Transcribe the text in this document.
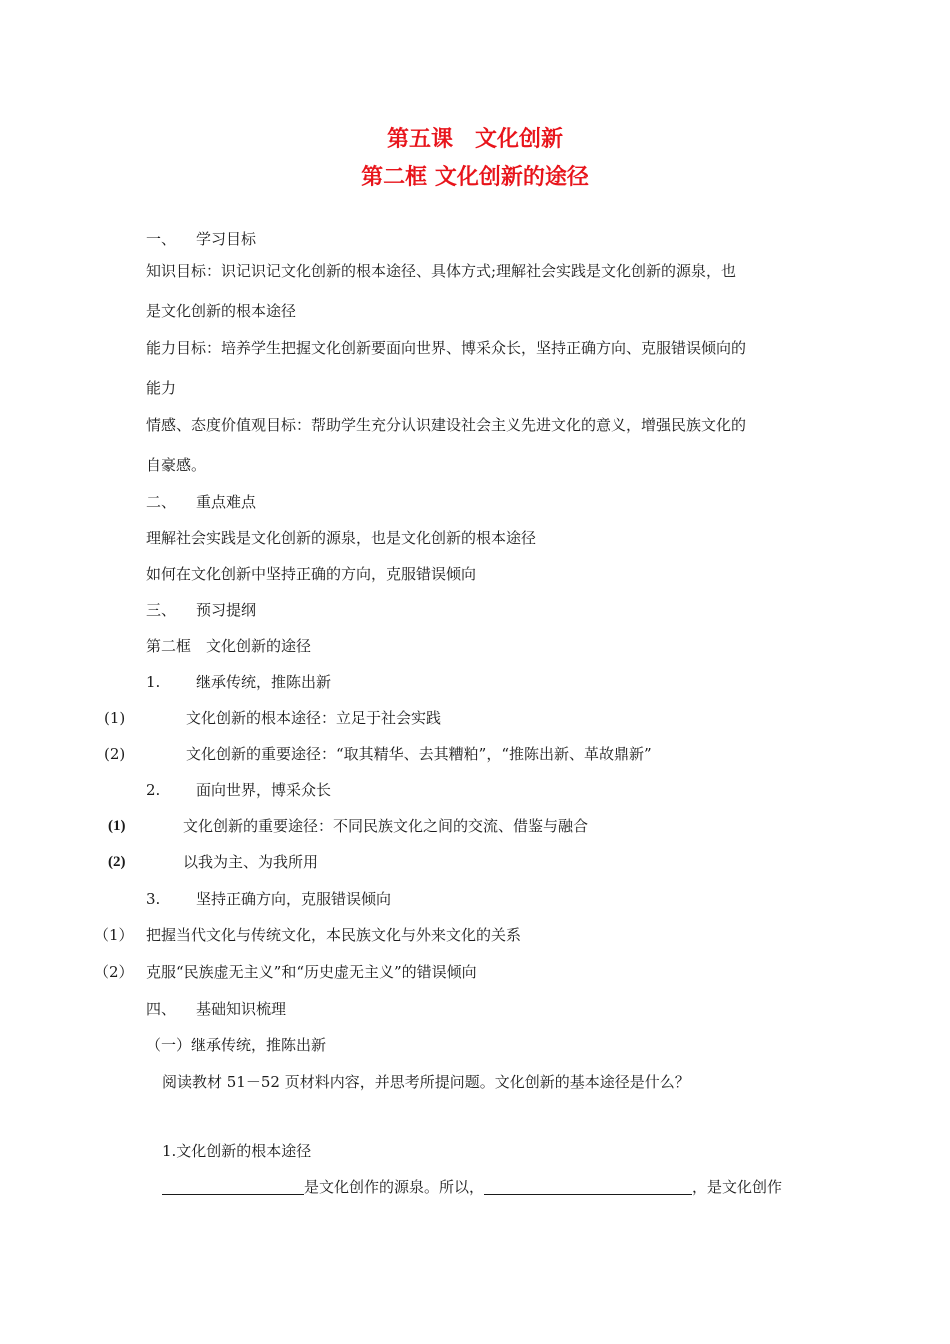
第五课　文化创新
第二框 文化创新的途径
一、 学习目标
知识目标：识记识记文化创新的根本途径、具体方式;理解社会实践是文化创新的源泉，也
是文化创新的根本途径
能力目标：培养学生把握文化创新要面向世界、博采众长，坚持正确方向、克服错误倾向的
能力
情感、态度价值观目标：帮助学生充分认识建设社会主义先进文化的意义，增强民族文化的
自豪感。
二、 重点难点
理解社会实践是文化创新的源泉，也是文化创新的根本途径
如何在文化创新中坚持正确的方向，克服错误倾向
三、 预习提纲
第二框　文化创新的途径
1. 继承传统，推陈出新
(1)	文化创新的根本途径：立足于社会实践
(2)	文化创新的重要途径：“取其精华、去其糟粕”，“推陈出新、革故鼎新”
2. 面向世界，博采众长
(1)	文化创新的重要途径：不同民族文化之间的交流、借鉴与融合
(2)	以我为主、为我所用
3. 坚持正确方向，克服错误倾向
（1） 把握当代文化与传统文化，本民族文化与外来文化的关系
（2） 克服“民族虚无主义”和“历史虚无主义”的错误倾向
四、 基础知识梳理
（一）继承传统，推陈出新
阅读教材 51－52 页材料内容，并思考所提问题。文化创新的基本途径是什么？
1.文化创新的根本途径
是文化创作的源泉。所以，	，是文化创作
